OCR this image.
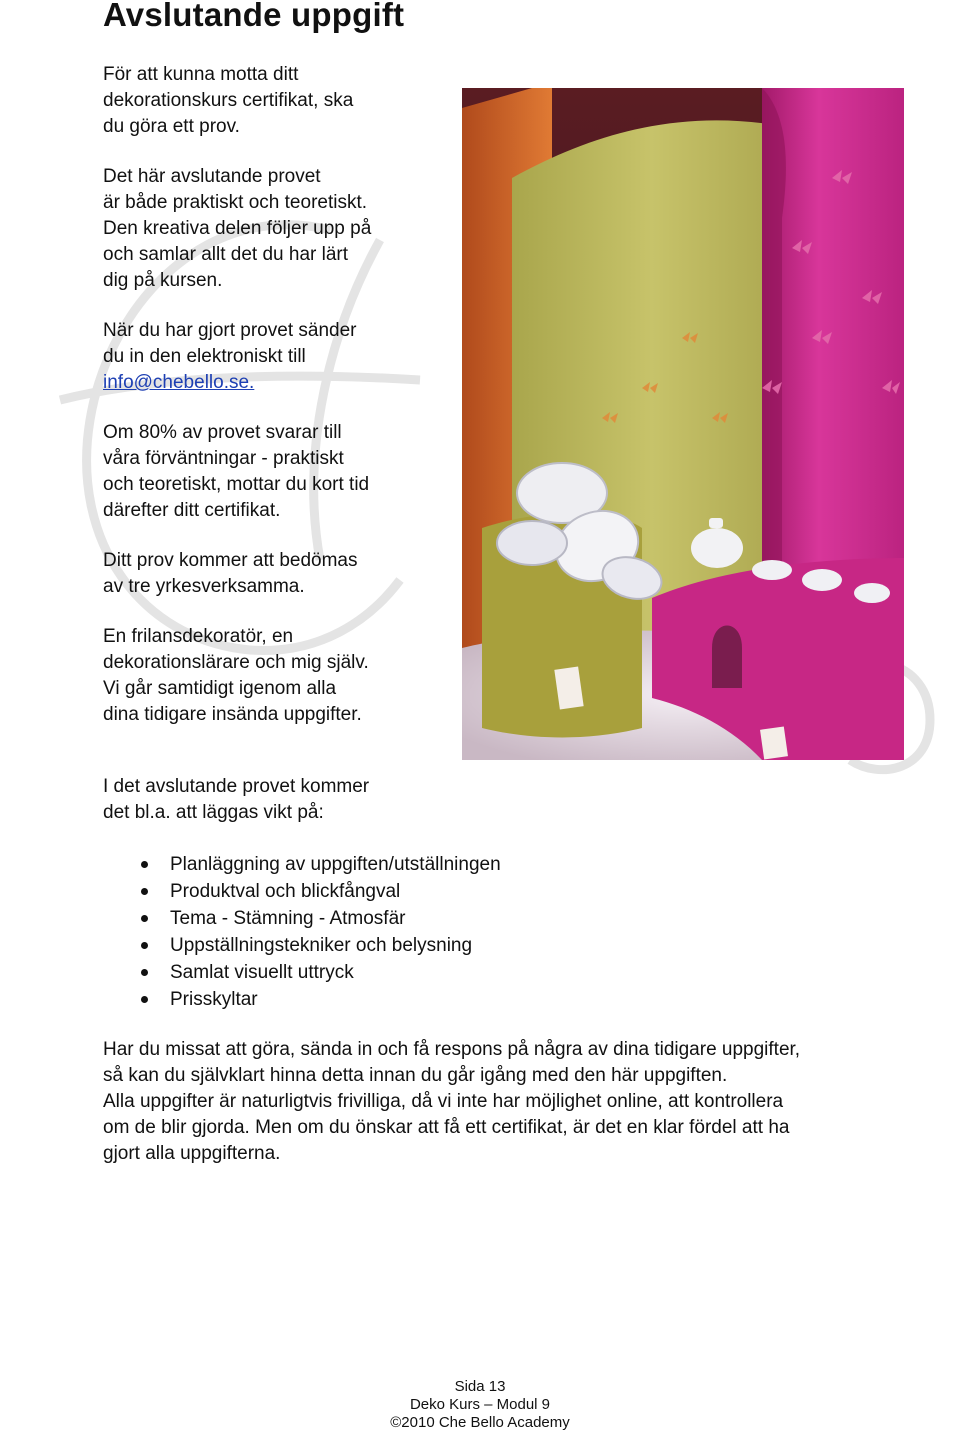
Avslutande uppgift

För att kunna motta ditt
dekorationskurs certifikat, ska
du göra ett prov.

Det här avslutande provet
är både praktiskt och teoretiskt.
Den kreativa delen följer upp på
och samlar allt det du har lärt
dig på kursen.

När du har gjort provet sänder
du in den elektroniskt till
info@chebello.se.

Om 80% av provet svarar till
våra förväntningar - praktiskt
och teoretiskt, mottar du kort tid
därefter ditt certifikat.

Ditt prov kommer att bedömas
av tre yrkesverksamma.

En frilansdekoratör, en
dekorationslärare och mig själv.
Vi går samtidigt igenom alla
dina tidigare insända uppgifter.

I det avslutande provet kommer
det bl.a. att läggas vikt på:

Planläggning av uppgiften/utställningen
Produktval och blickfångval
Tema - Stämning - Atmosfär
Uppställningstekniker och belysning
Samlat visuellt uttryck
Prisskyltar

Har du missat att göra, sända in och få respons på några av dina tidigare uppgifter,
så kan du självklart hinna detta innan du går igång med den här uppgiften.
Alla uppgifter är naturligtvis frivilliga, då vi inte har möjlighet online, att kontrollera
om de blir gjorda. Men om du önskar att få ett certifikat, är det en klar fördel att ha
gjort alla uppgifterna.

Sida 13
Deko Kurs – Modul 9
©2010 Che Bello Academy
